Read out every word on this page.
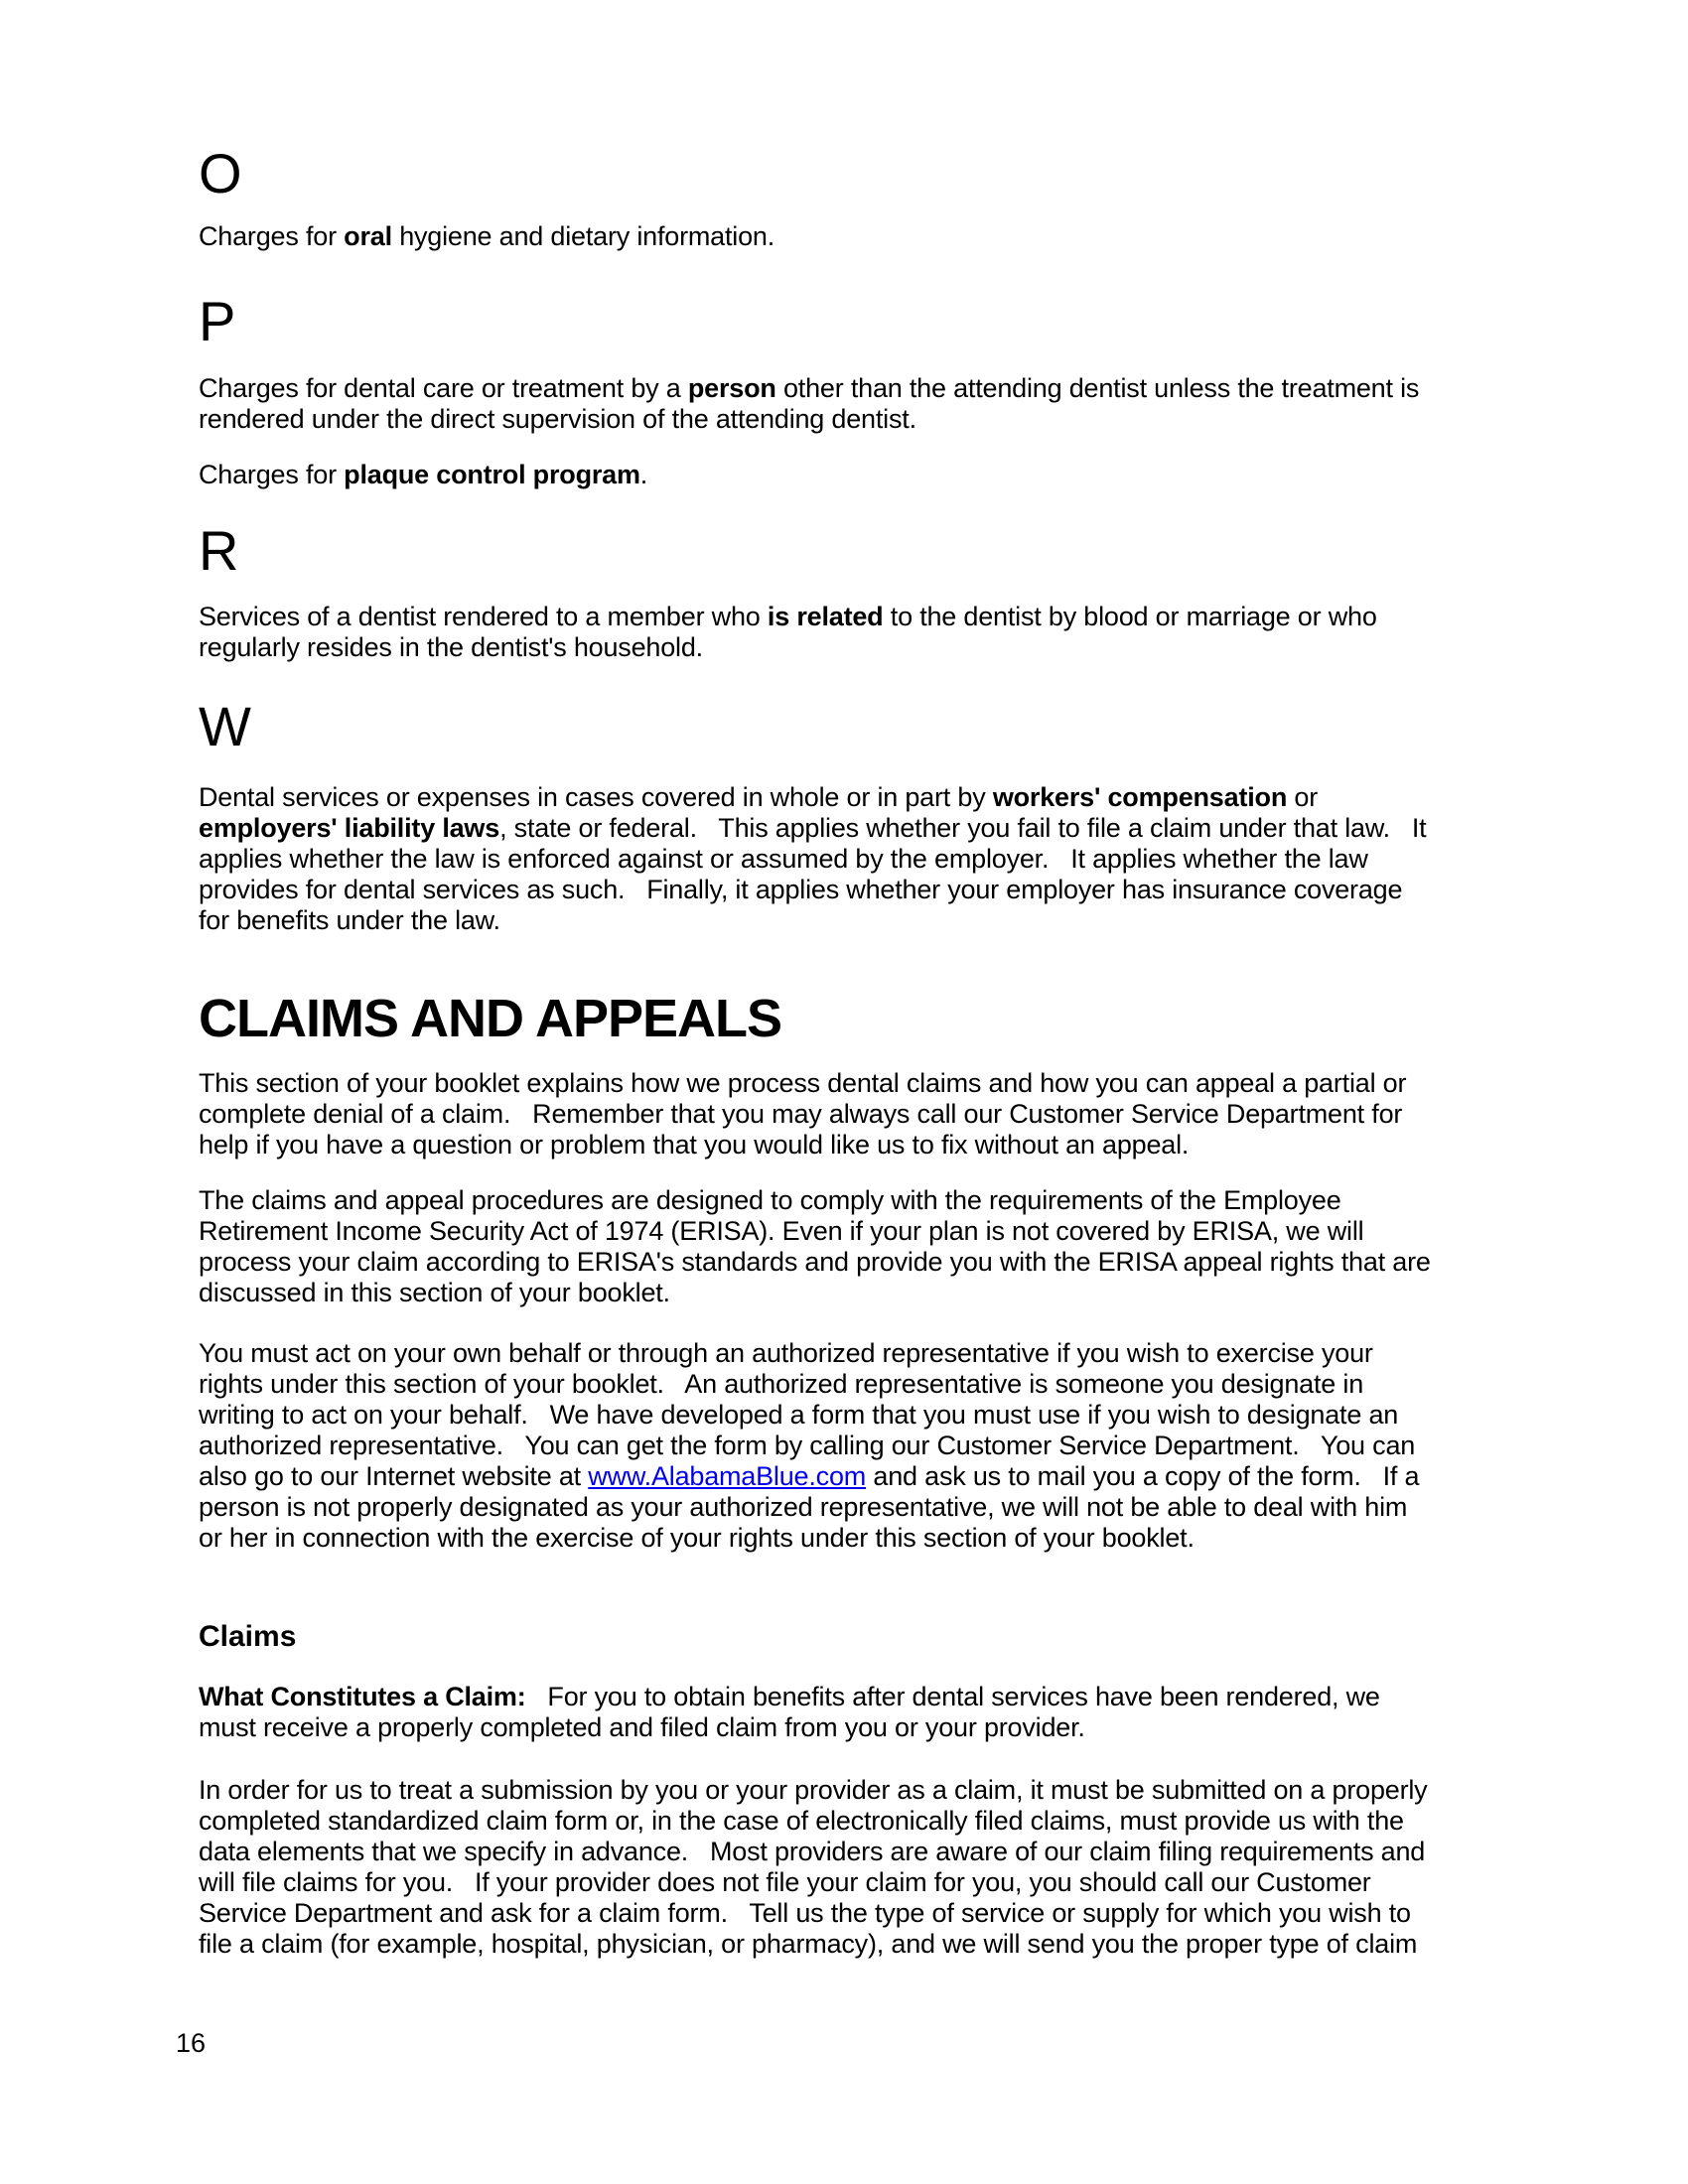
O
Charges for oral hygiene and dietary information.
P
Charges for dental care or treatment by a person other than the attending dentist unless the treatment is
rendered under the direct supervision of the attending dentist.
Charges for plaque control program.
R
Services of a dentist rendered to a member who is related to the dentist by blood or marriage or who
regularly resides in the dentist's household.
W
Dental services or expenses in cases covered in whole or in part by workers' compensation or
employers' liability laws, state or federal.   This applies whether you fail to file a claim under that law.   It
applies whether the law is enforced against or assumed by the employer.   It applies whether the law
provides for dental services as such.   Finally, it applies whether your employer has insurance coverage
for benefits under the law.
CLAIMS AND APPEALS
This section of your booklet explains how we process dental claims and how you can appeal a partial or
complete denial of a claim.   Remember that you may always call our Customer Service Department for
help if you have a question or problem that you would like us to fix without an appeal.
The claims and appeal procedures are designed to comply with the requirements of the Employee
Retirement Income Security Act of 1974 (ERISA). Even if your plan is not covered by ERISA, we will
process your claim according to ERISA's standards and provide you with the ERISA appeal rights that are
discussed in this section of your booklet.
You must act on your own behalf or through an authorized representative if you wish to exercise your
rights under this section of your booklet.   An authorized representative is someone you designate in
writing to act on your behalf.   We have developed a form that you must use if you wish to designate an
authorized representative.   You can get the form by calling our Customer Service Department.   You can
also go to our Internet website at www.AlabamaBlue.com and ask us to mail you a copy of the form.   If a
person is not properly designated as your authorized representative, we will not be able to deal with him
or her in connection with the exercise of your rights under this section of your booklet.
Claims
What Constitutes a Claim:   For you to obtain benefits after dental services have been rendered, we
must receive a properly completed and filed claim from you or your provider.
In order for us to treat a submission by you or your provider as a claim, it must be submitted on a properly
completed standardized claim form or, in the case of electronically filed claims, must provide us with the
data elements that we specify in advance.   Most providers are aware of our claim filing requirements and
will file claims for you.   If your provider does not file your claim for you, you should call our Customer
Service Department and ask for a claim form.   Tell us the type of service or supply for which you wish to
file a claim (for example, hospital, physician, or pharmacy), and we will send you the proper type of claim
16
